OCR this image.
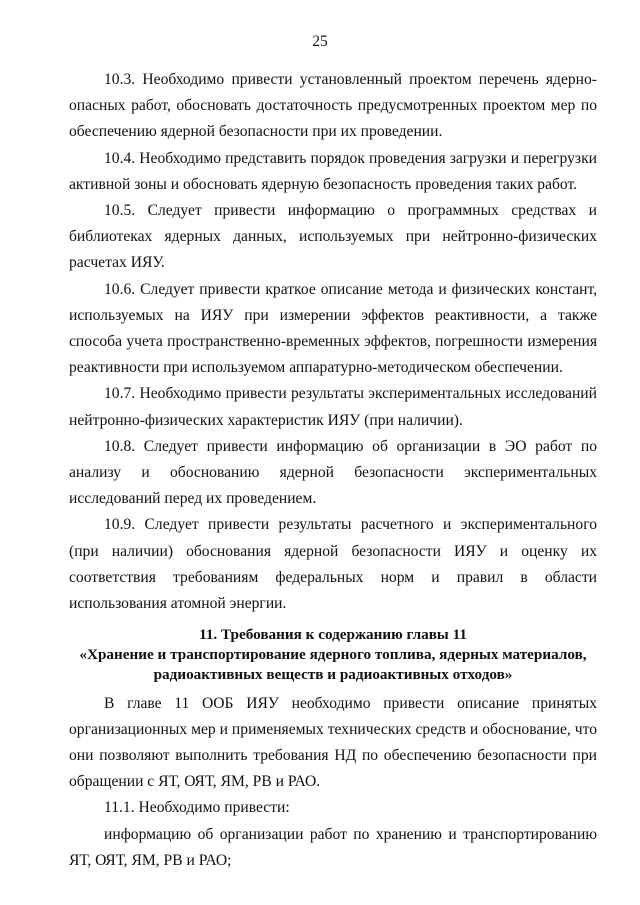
25

10.3. Необходимо привести установленный проектом перечень ядерно-опасных работ, обосновать достаточность предусмотренных проектом мер по обеспечению ядерной безопасности при их проведении.

10.4. Необходимо представить порядок проведения загрузки и перегрузки активной зоны и обосновать ядерную безопасность проведения таких работ.

10.5. Следует привести информацию о программных средствах и библиотеках ядерных данных, используемых при нейтронно-физических расчетах ИЯУ.

10.6. Следует привести краткое описание метода и физических констант, используемых на ИЯУ при измерении эффектов реактивности, а также способа учета пространственно-временных эффектов, погрешности измерения реактивности при используемом аппаратурно-методическом обеспечении.

10.7. Необходимо привести результаты экспериментальных исследований нейтронно-физических характеристик ИЯУ (при наличии).

10.8. Следует привести информацию об организации в ЭО работ по анализу и обоснованию ядерной безопасности экспериментальных исследований перед их проведением.

10.9. Следует привести результаты расчетного и экспериментального (при наличии) обоснования ядерной безопасности ИЯУ и оценку их соответствия требованиям федеральных норм и правил в области использования атомной энергии.

11. Требования к содержанию главы 11
«Хранение и транспортирование ядерного топлива, ядерных материалов,
радиоактивных веществ и радиоактивных отходов»

В главе 11 ООБ ИЯУ необходимо привести описание принятых организационных мер и применяемых технических средств и обоснование, что они позволяют выполнить требования НД по обеспечению безопасности при обращении с ЯТ, ОЯТ, ЯМ, РВ и РАО.

11.1. Необходимо привести:

информацию об организации работ по хранению и транспортированию ЯТ, ОЯТ, ЯМ, РВ и РАО;
